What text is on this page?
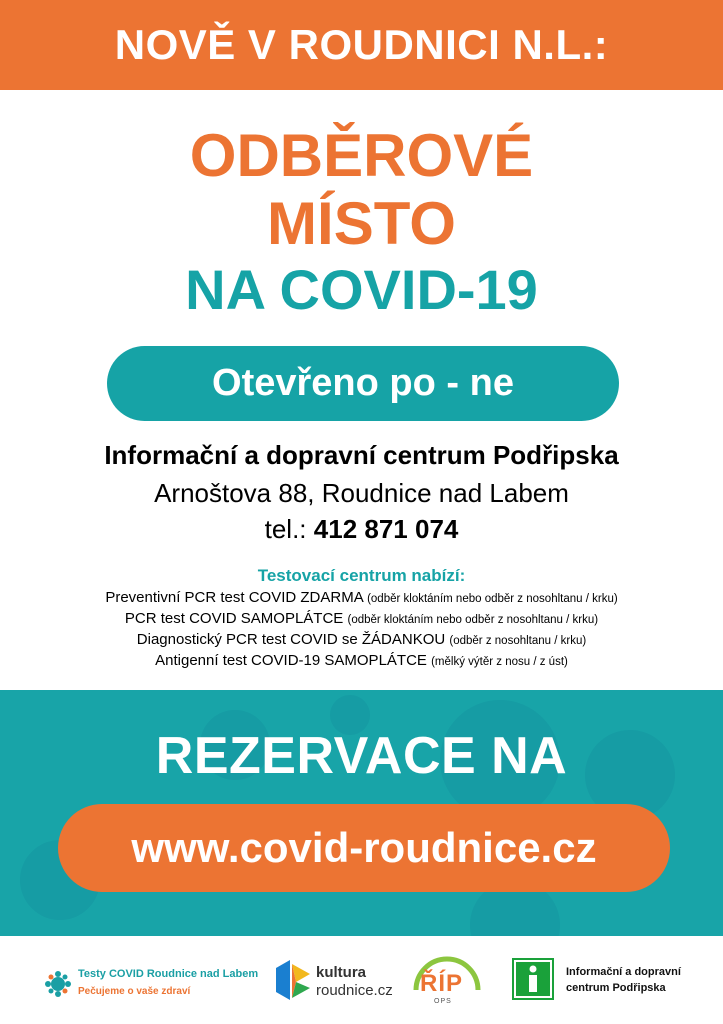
NOVĚ V ROUDNICI N.L.:
ODBĚROVÉ
MÍSTO
NA COVID-19
Otevřeno po - ne
Informační a dopravní centrum Podřipska
Arnoštova 88, Roudnice nad Labem
tel.: 412 871 074
Testovací centrum nabízí:
Preventivní PCR test COVID ZDARMA (odběr kloktáním nebo odběr z nosohltanu / krku)
PCR test COVID SAMOPLÁTCE (odběr kloktáním nebo odběr z nosohltanu / krku)
Diagnostický PCR test COVID se ŽÁDANKOU (odběr z nosohltanu / krku)
Antigenní test COVID-19 SAMOPLÁTCE (mělký výtěr z nosu / z úst)
REZERVACE NA
www.covid-roudnice.cz
Testy COVID Roudnice nad Labem
Pečujeme o vaše zdraví
kultura
roudnice.cz ŘÍP
OPS
Informační a dopravní
centrum Podřipska
